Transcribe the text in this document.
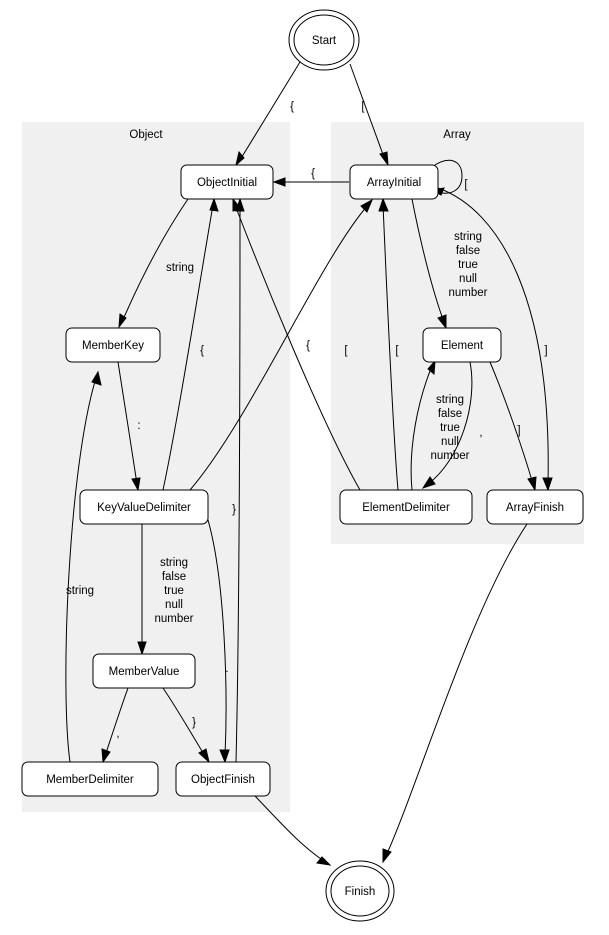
Object	Array
Start
ObjectInitial	ArrayInitial
MemberKey	Element
KeyValueDelimiter	ElementDelimiter	ArrayFinish
MemberValue
MemberDelimiter	ObjectFinish
Finish
{	[
{
[
string
{	{	[	[
string
false
true
null
number
]
]
string
false
true
null
number
,
:
}
string
false
true
null
number
string
,
}
.
